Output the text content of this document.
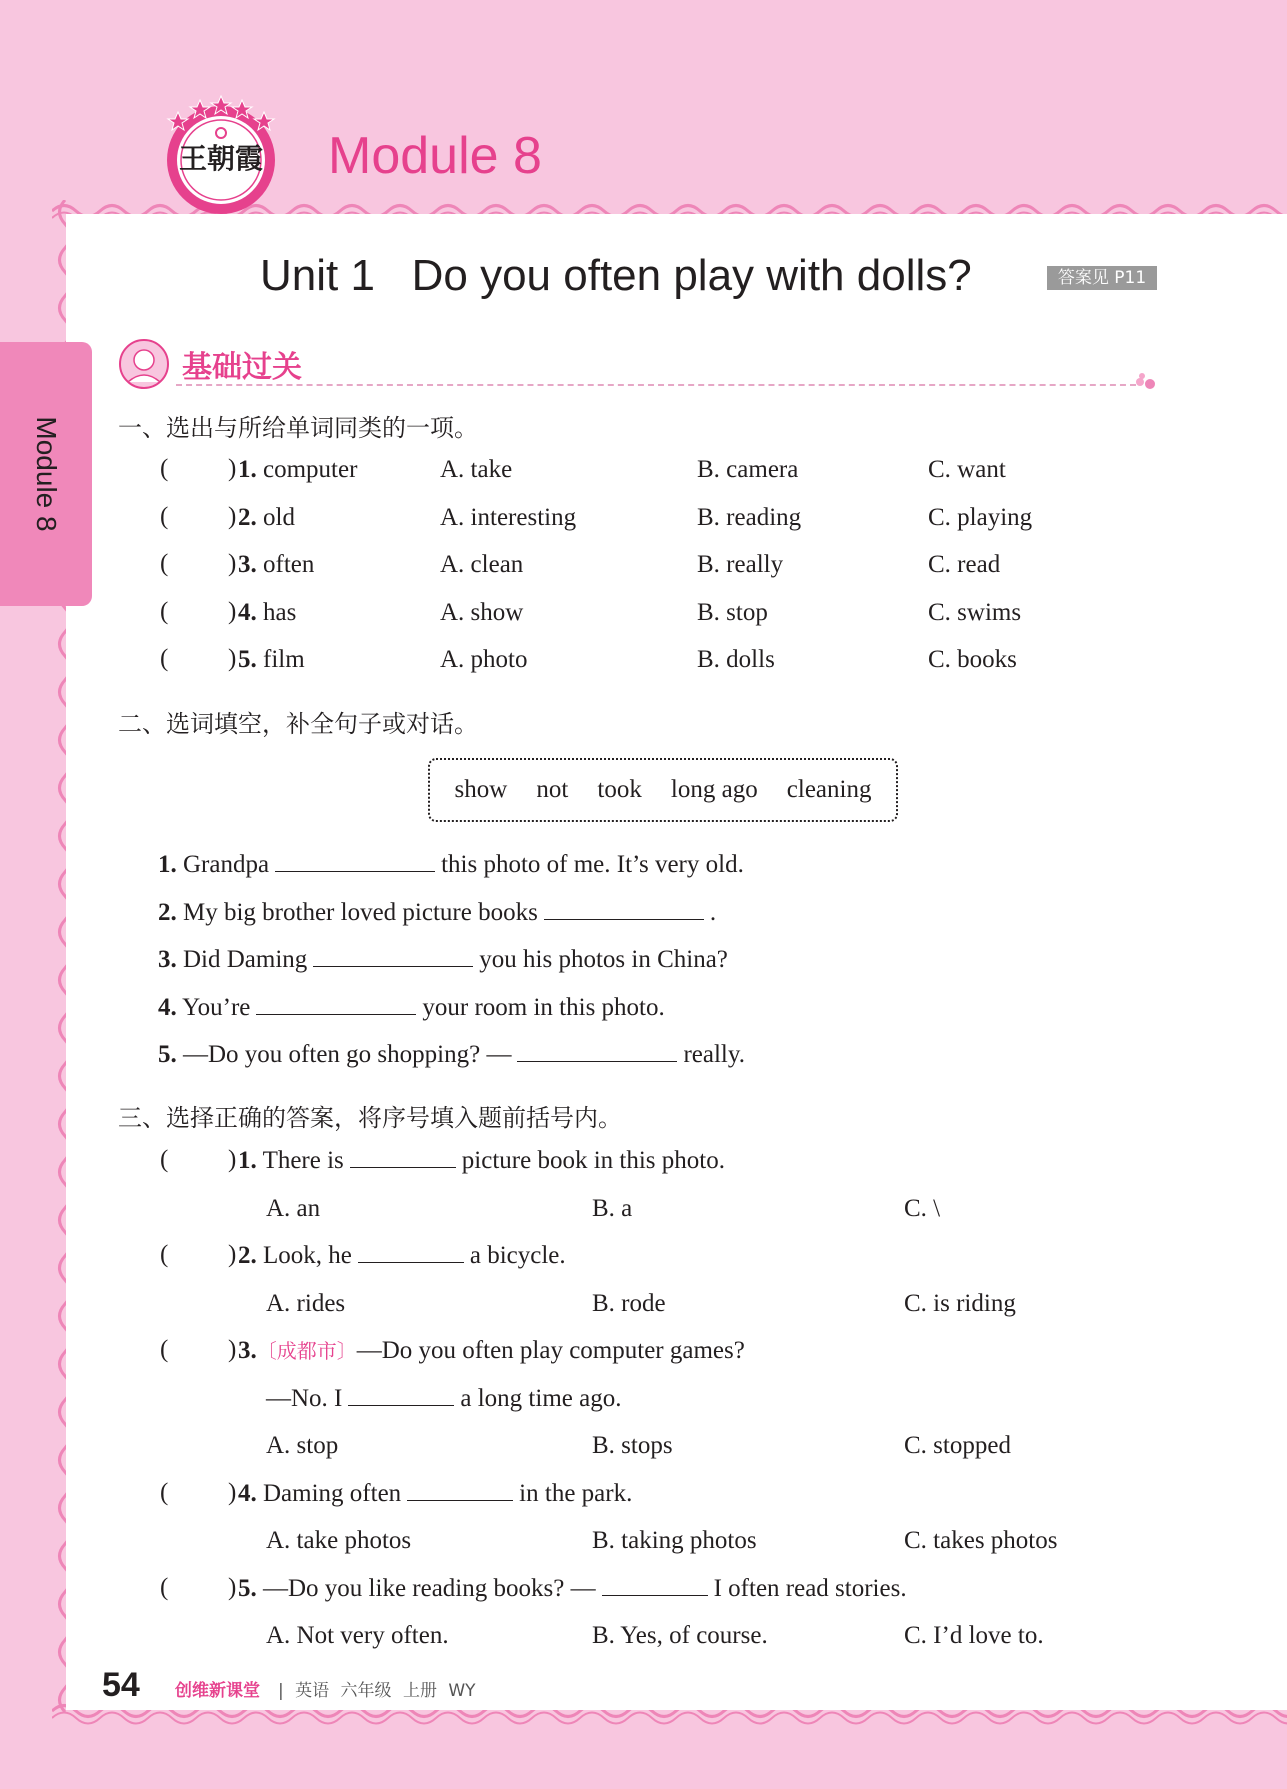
王朝霞 Module 8
Module 8
Unit 1   Do you often play with dolls?	答案见 P11
基础过关
一、选出与所给单词同类的一项。
( ) 1. computer	A. take	B. camera	C. want
( ) 2. old	A. interesting	B. reading	C. playing
( ) 3. often	A. clean	B. really	C. read
( ) 4. has	A. show	B. stop	C. swims
( ) 5. film	A. photo	B. dolls	C. books
二、选词填空，补全句子或对话。
show not took long ago cleaning
1. Grandpa	this photo of me. It’s very old.
2. My big brother loved picture books	.
3. Did Daming	you his photos in China?
4. You’re	your room in this photo.
5. —Do you often go shopping? —	really.
三、选择正确的答案，将序号填入题前括号内。
( ) 1. There is	picture book in this photo.
A. an	B. a	C. \
( ) 2. Look, he	a bicycle.
A. rides	B. rode	C. is riding
( ) 3.〔成都市〕—Do you often play computer games?
—No. I	a long time ago.
A. stop	B. stops	C. stopped
( ) 4. Daming often	in the park.
A. take photos	B. taking photos	C. takes photos
( ) 5. —Do you like reading books? —	I often read stories.
A. Not very often.	B. Yes, of course.	C. I’d love to.
54 创维新课堂 | 英语 六年级 上册 WY
